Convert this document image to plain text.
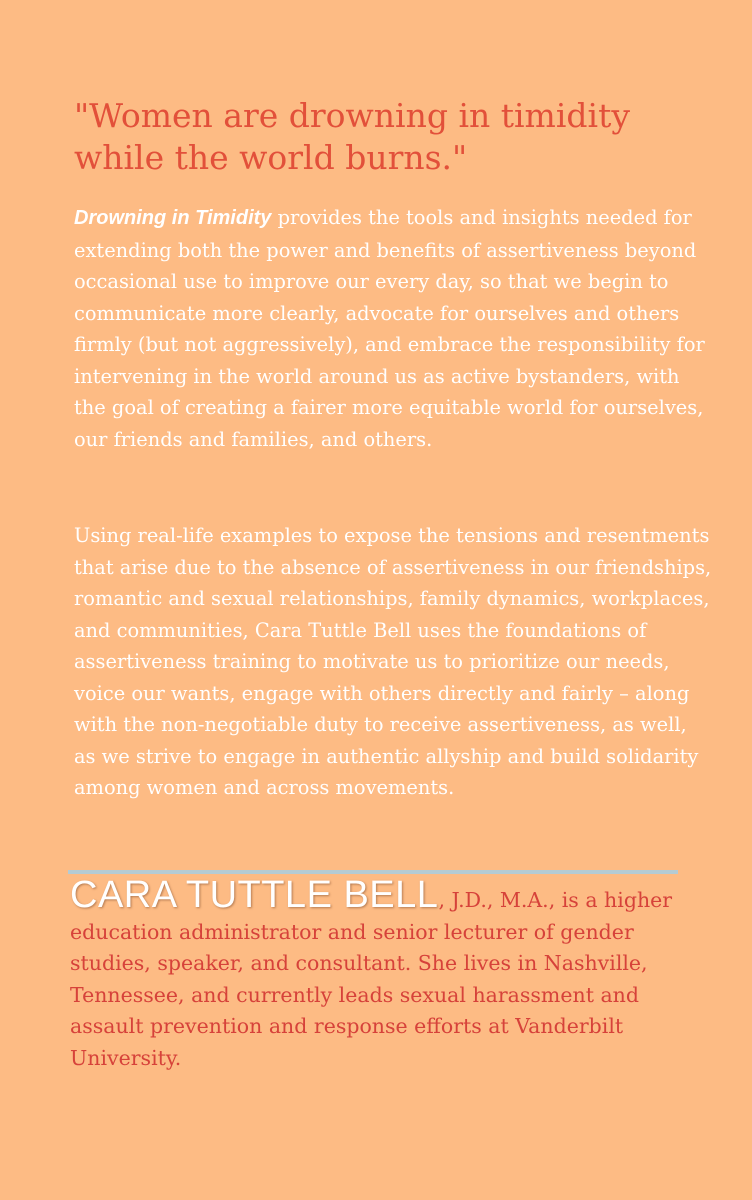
"Women are drowning in timidity while the world burns."

Drowning in Timidity provides the tools and insights needed for extending both the power and benefits of assertiveness beyond occasional use to improve our every day, so that we begin to communicate more clearly, advocate for ourselves and others firmly (but not aggressively), and embrace the responsibility for intervening in the world around us as active bystanders, with the goal of creating a fairer more equitable world for ourselves, our friends and families, and others.

Using real-life examples to expose the tensions and resentments that arise due to the absence of assertiveness in our friendships, romantic and sexual relationships, family dynamics, workplaces, and communities, Cara Tuttle Bell uses the foundations of assertiveness training to motivate us to prioritize our needs, voice our wants, engage with others directly and fairly – along with the non-negotiable duty to receive assertiveness, as well, as we strive to engage in authentic allyship and build solidarity among women and across movements.

CARA TUTTLE BELL, J.D., M.A., is a higher education administrator and senior lecturer of gender studies, speaker, and consultant. She lives in Nashville, Tennessee, and currently leads sexual harassment and assault prevention and response efforts at Vanderbilt University.
